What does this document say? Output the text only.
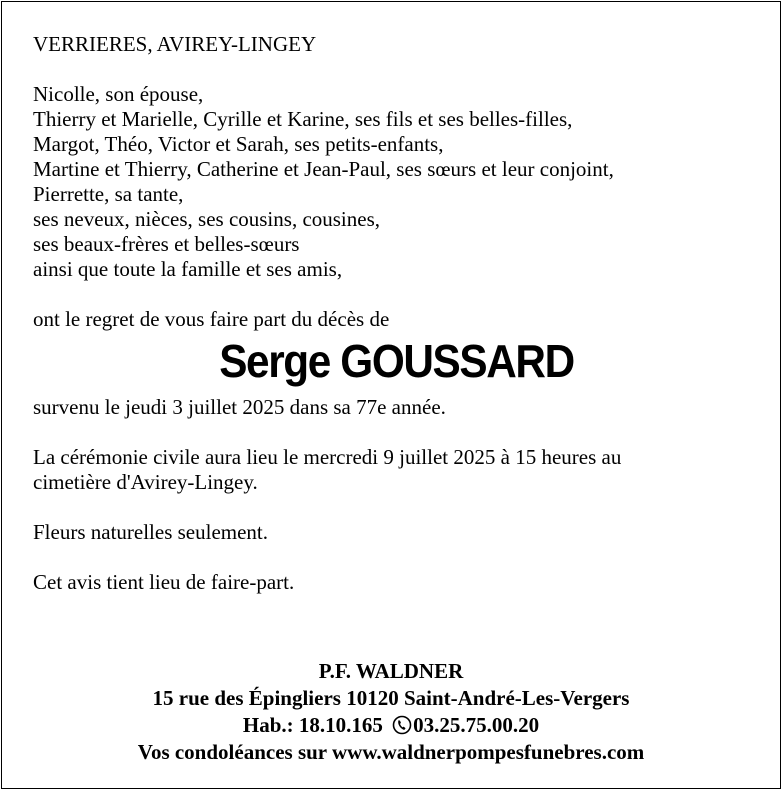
VERRIERES, AVIREY-LINGEY
Nicolle, son épouse,
Thierry et Marielle, Cyrille et Karine, ses fils et ses belles-filles,
Margot, Théo, Victor et Sarah, ses petits-enfants,
Martine et Thierry, Catherine et Jean-Paul, ses sœurs et leur conjoint,
Pierrette, sa tante,
ses neveux, nièces, ses cousins, cousines,
ses beaux-frères et belles-sœurs
ainsi que toute la famille et ses amis,
ont le regret de vous faire part du décès de
Serge GOUSSARD
survenu le jeudi 3 juillet 2025 dans sa 77e année.
La cérémonie civile aura lieu le mercredi 9 juillet 2025 à 15 heures au
cimetière d'Avirey-Lingey.
Fleurs naturelles seulement.
Cet avis tient lieu de faire-part.
P.F. WALDNER
15 rue des Épingliers 10120 Saint-André-Les-Vergers
Hab.: 18.10.165 03.25.75.00.20
Vos condoléances sur www.waldnerpompesfunebres.com
